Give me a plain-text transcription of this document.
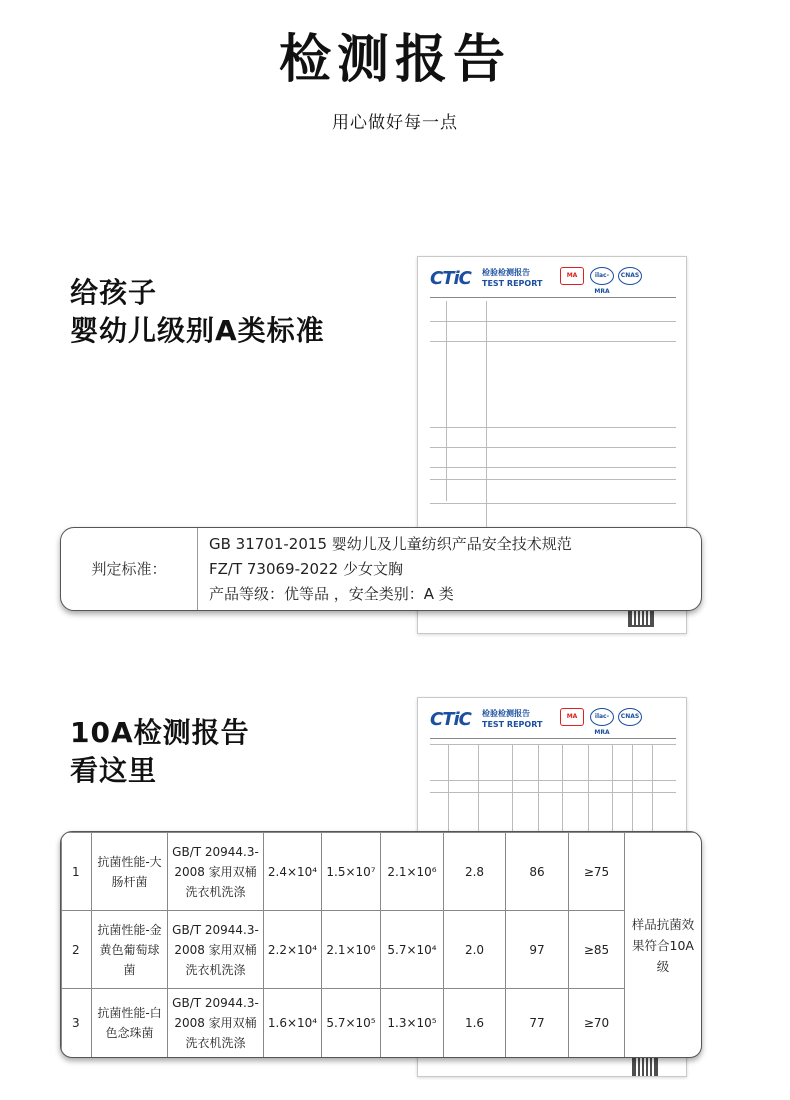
检测报告
用心做好每一点
给孩子
婴幼儿级别A类标准
CTiC 检验检测报告
TEST REPORT
MA	ilac-MRA
CNAS
判定标准：
GB 31701-2015 婴幼儿及儿童纺织产品安全技术规范
FZ/T 73069-2022 少女文胸
产品等级：优等品 ，安全类别：A 类
10A检测报告
看这里
CTiC 检验检测报告
TEST REPORT
MA	ilac-MRA
CNAS
1	抗菌性能-大肠杆菌	GB/T 20944.3-2008 家用双桶洗衣机洗涤	2.4×10⁴	1.5×10⁷	2.1×10⁶	2.8	86	≥75	样品抗菌效果符合10A 级
2	抗菌性能-金黄色葡萄球菌	GB/T 20944.3-2008 家用双桶洗衣机洗涤	2.2×10⁴	2.1×10⁶	5.7×10⁴	2.0	97	≥85	
3	抗菌性能-白色念珠菌	GB/T 20944.3-2008 家用双桶洗衣机洗涤	1.6×10⁴	5.7×10⁵	1.3×10⁵	1.6	77	≥70	
